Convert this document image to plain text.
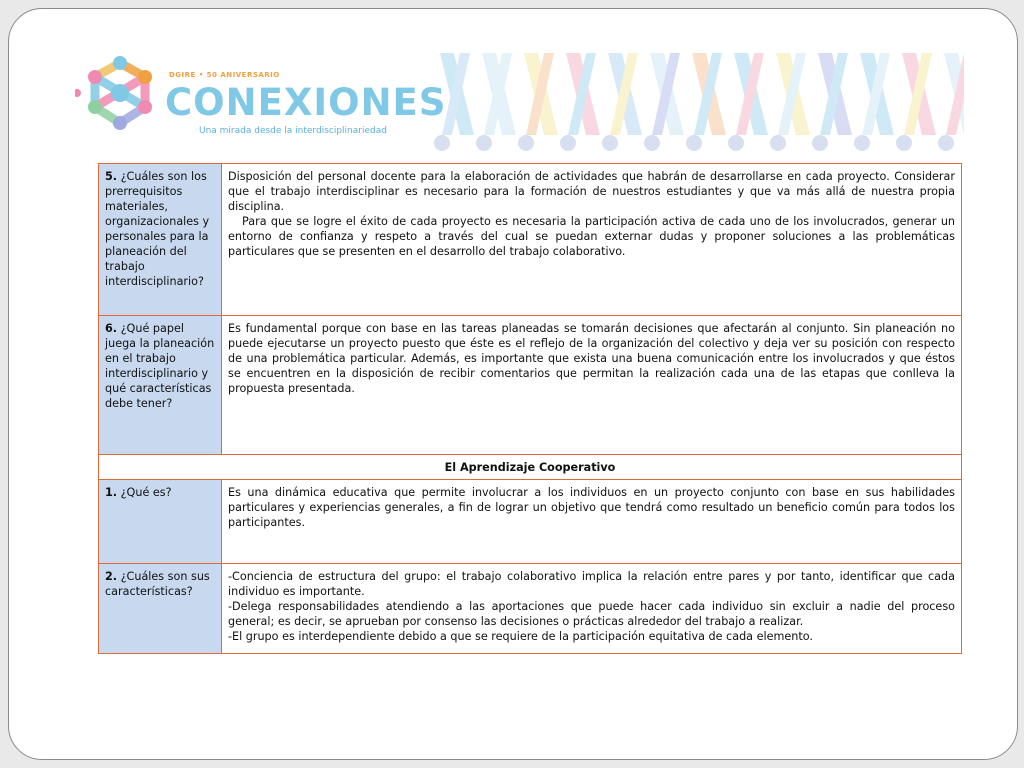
DGIRE • 50 ANIVERSARIO
CONEXIONES
Una mirada desde la interdisciplinariedad
5. ¿Cuáles son los prerrequisitos materiales, organizacionales y personales para la planeación del trabajo interdisciplinario?	Disposición del personal docente para la elaboración de actividades que habrán de desarrollarse en cada proyecto. Considerar que el trabajo interdisciplinar es necesario para la formación de nuestros estudiantes y que va más allá de nuestra propia disciplina.

Para que se logre el éxito de cada proyecto es necesaria la participación activa de cada uno de los involucrados, generar un entorno de confianza y respeto a través del cual se puedan externar dudas y proponer soluciones a las problemáticas particulares que se presenten en el desarrollo del trabajo colaborativo.

6. ¿Qué papel juega la planeación en el trabajo interdisciplinario y qué características debe tener?	Es fundamental porque con base en las tareas planeadas se tomarán decisiones que afectarán al conjunto. Sin planeación no puede ejecutarse un proyecto puesto que éste es el reflejo de la organización del colectivo y deja ver su posición con respecto de una problemática particular. Además, es importante que exista una buena comunicación entre los involucrados y que éstos se encuentren en la disposición de recibir comentarios que permitan la realización cada una de las etapas que conlleva la propuesta presentada.

El Aprendizaje Cooperativo	
1. ¿Qué es?	Es una dinámica educativa que permite involucrar a los individuos en un proyecto conjunto con base en sus habilidades particulares y experiencias generales, a fin de lograr un objetivo que tendrá como resultado un beneficio común para todos los participantes.

2. ¿Cuáles son sus características?	-Conciencia de estructura del grupo: el trabajo colaborativo implica la relación entre pares y por tanto, identificar que cada individuo es importante.

-Delega responsabilidades atendiendo a las aportaciones que puede hacer cada individuo sin excluir a nadie del proceso general; es decir, se aprueban por consenso las decisiones o prácticas alrededor del trabajo a realizar.

-El grupo es interdependiente debido a que se requiere de la participación equitativa de cada elemento.
